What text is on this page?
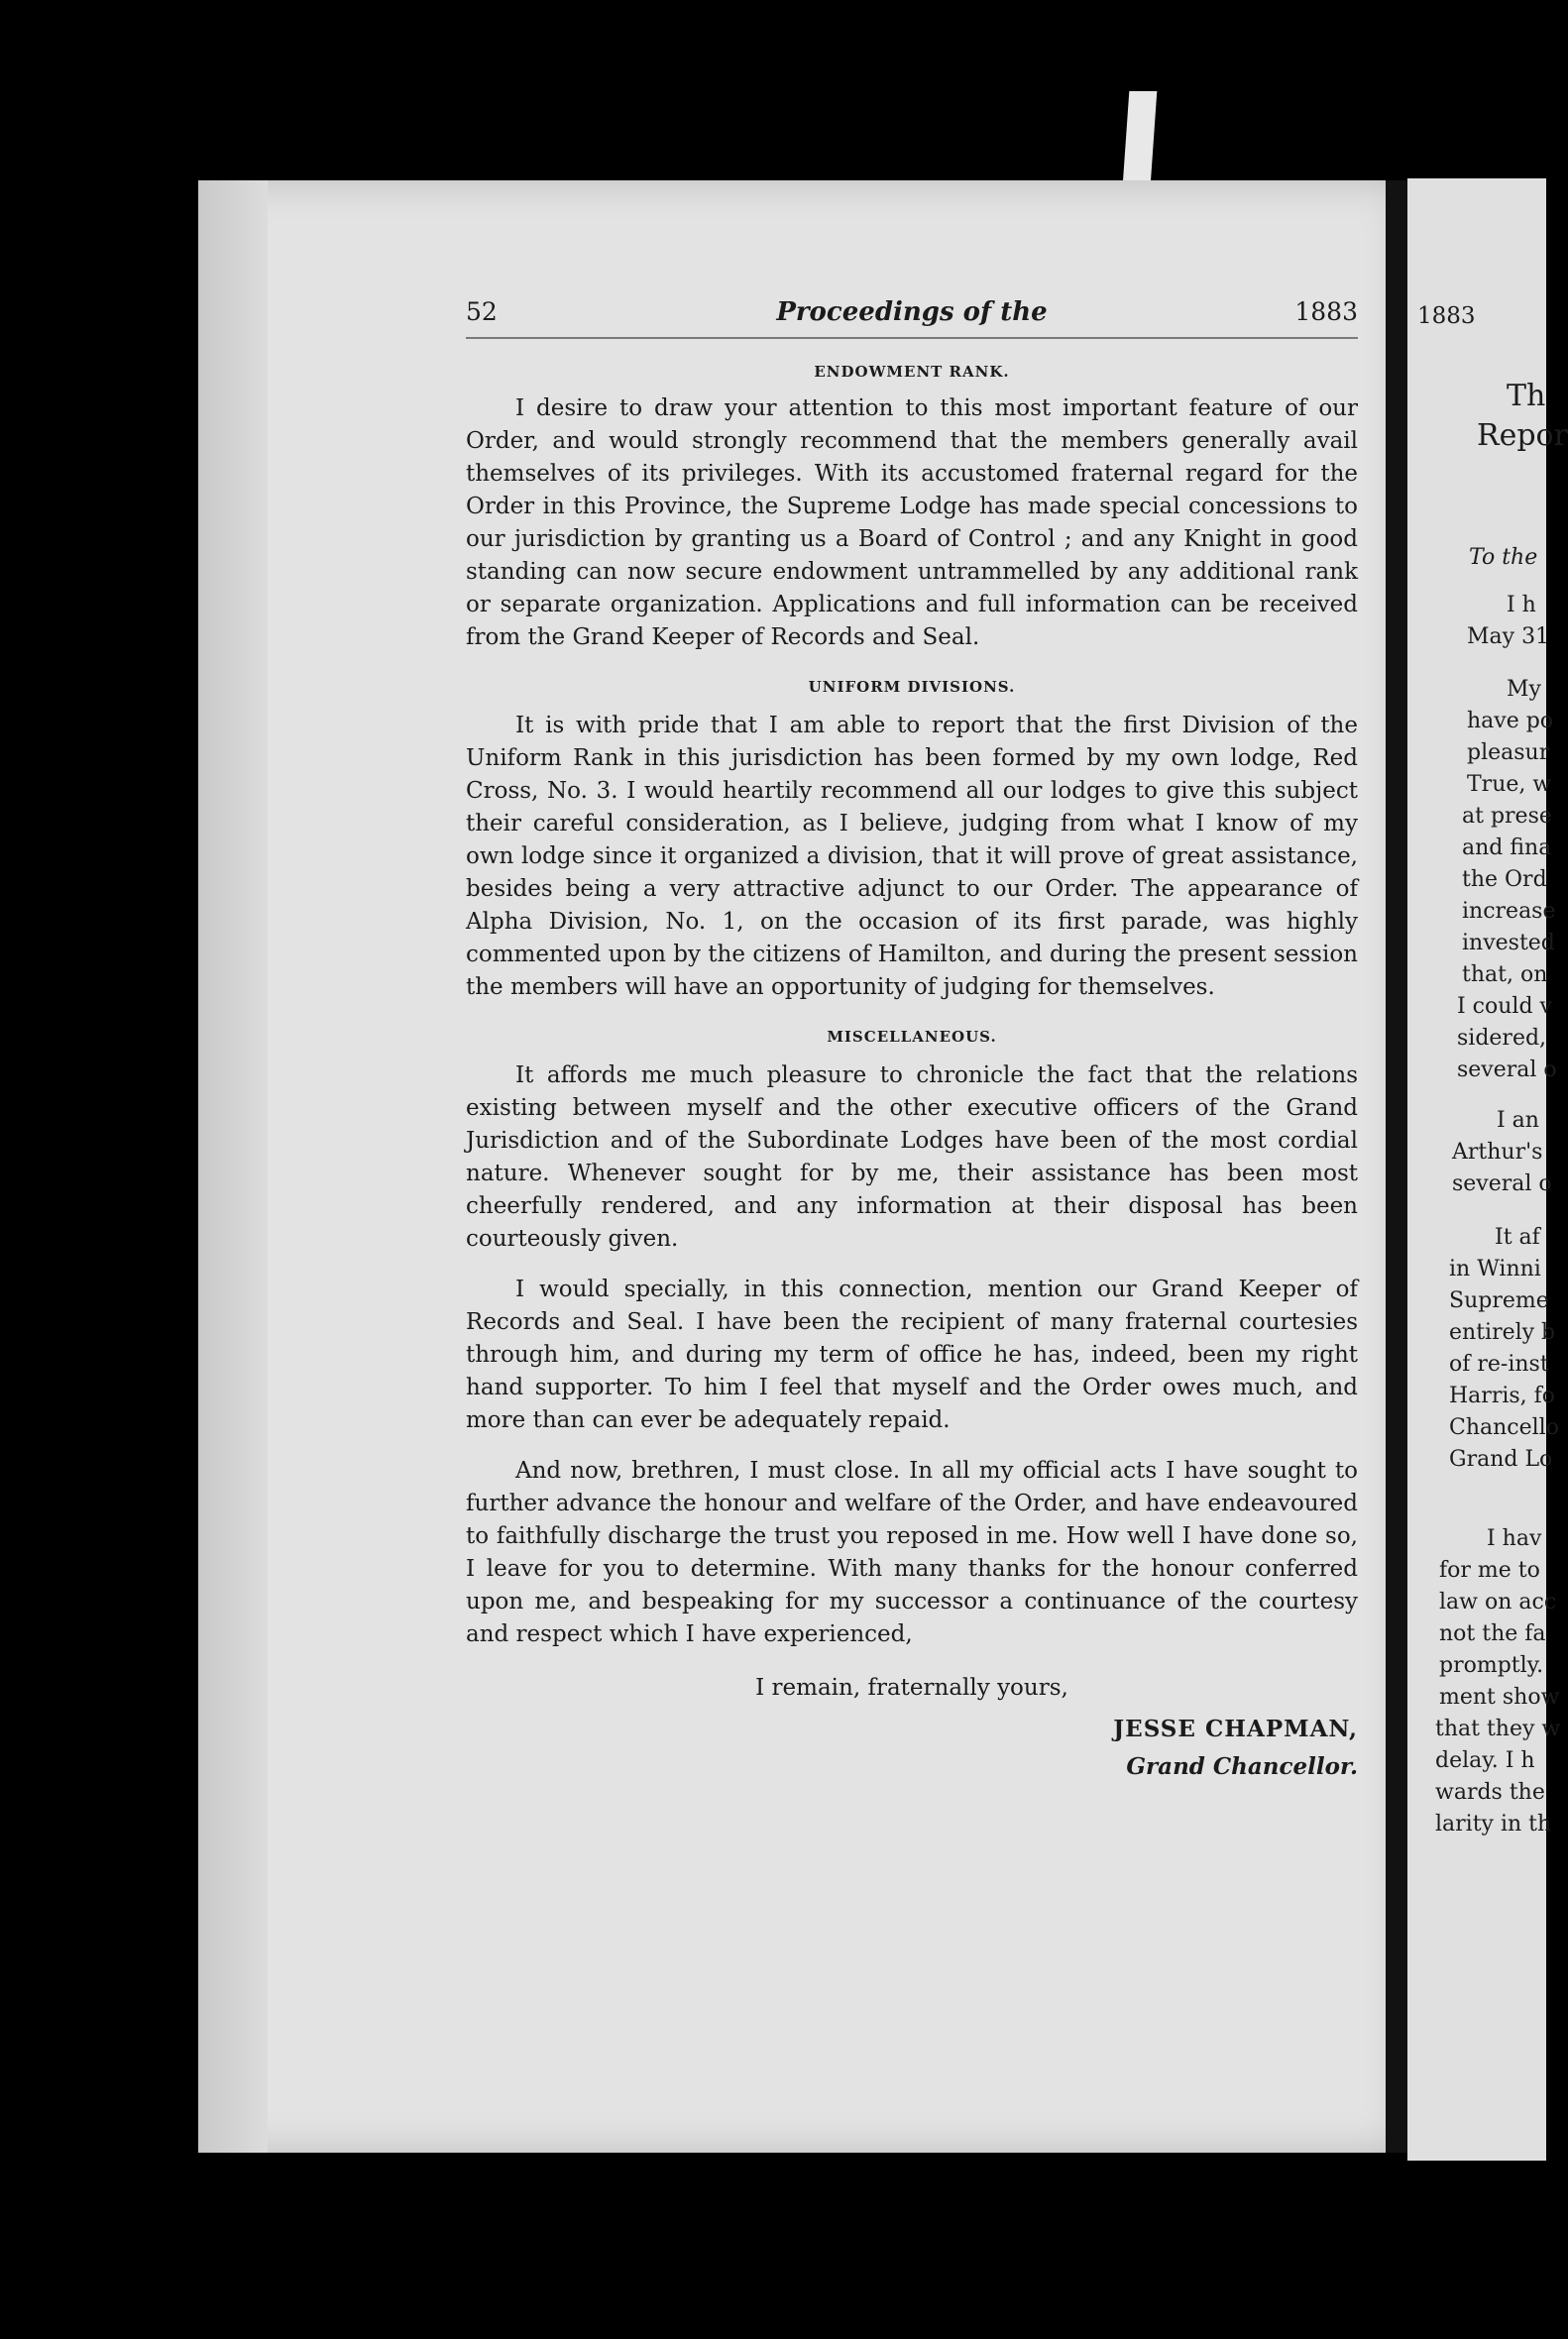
1883
Th
Repor
To the
I h
May 31
My
have po
pleasur
True, w
at prese
and fina
the Ord
increase
invested
that, on
I could v
sidered,
several o
I an
Arthur's
several o
It af
in Winni
Supreme
entirely b
of re-inst
Harris, fo
Chancello
Grand Lo
I hav
for me to
law on acc
not the fa
promptly.
ment show
that they w
delay. I h
wards the
larity in th
52	Proceedings of the	1883
ENDOWMENT RANK.

I desire to draw your attention to this most important feature of our Order, and would strongly recommend that the members generally avail themselves of its privileges. With its accustomed fraternal regard for the Order in this Province, the Supreme Lodge has made special concessions to our jurisdiction by granting us a Board of Control ; and any Knight in good standing can now secure endowment untrammelled by any additional rank or separate organization. Applications and full information can be received from the Grand Keeper of Records and Seal.

UNIFORM DIVISIONS.

It is with pride that I am able to report that the first Division of the Uniform Rank in this jurisdiction has been formed by my own lodge, Red Cross, No. 3. I would heartily recommend all our lodges to give this subject their careful consideration, as I believe, judging from what I know of my own lodge since it organized a division, that it will prove of great assistance, besides being a very attractive adjunct to our Order. The appearance of Alpha Division, No. 1, on the occasion of its first parade, was highly commented upon by the citizens of Hamilton, and during the present session the members will have an opportunity of judging for themselves.

MISCELLANEOUS.

It affords me much pleasure to chronicle the fact that the relations existing between myself and the other executive officers of the Grand Jurisdiction and of the Subordinate Lodges have been of the most cordial nature. Whenever sought for by me, their assistance has been most cheerfully rendered, and any information at their disposal has been courteously given.

I would specially, in this connection, mention our Grand Keeper of Records and Seal. I have been the recipient of many fraternal courtesies through him, and during my term of office he has, indeed, been my right hand supporter. To him I feel that myself and the Order owes much, and more than can ever be adequately repaid.

And now, brethren, I must close. In all my official acts I have sought to further advance the honour and welfare of the Order, and have endeavoured to faithfully discharge the trust you reposed in me. How well I have done so, I leave for you to determine. With many thanks for the honour conferred upon me, and bespeaking for my successor a continuance of the courtesy and respect which I have experienced,

I remain, fraternally yours,
JESSE CHAPMAN,
Grand Chancellor.
